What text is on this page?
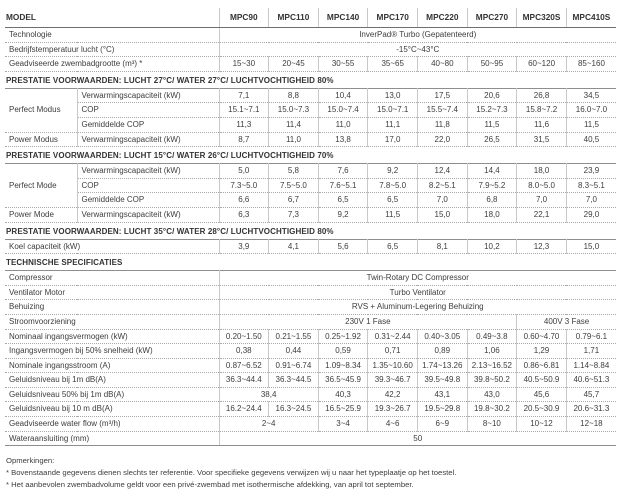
MODEL	MPC90	MPC110	MPC140	MPC170	MPC220	MPC270	MPC320S	MPC410S
Technologie	InverPad® Turbo (Gepatenteerd)							
Bedrijfstemperatuur lucht (°C)	-15°C~43°C							
Geadviseerde zwembadgrootte (m³) *	15~30	20~45	30~55	35~65	40~80	50~95	60~120	85~160
PRESTATIE VOORWAARDEN: LUCHT 27°C/ WATER 27°C/ LUCHTVOCHTIGHEID 80%
Perfect Modus	Verwarmingscapaciteit (kW)	7,1	8,8	10,4	13,0	17,5	20,6	26,8	34,5
	COP	15.1~7.1	15.0~7.3	15.0~7.4	15.0~7.1	15.5~7.4	15.2~7.3	15.8~7.2	16.0~7.0
	Gemiddelde COP	11,3	11,4	11,0	11,1	11,8	11,5	11,6	11,5
Power Modus	Verwarmingscapaciteit (kW)	8,7	11,0	13,8	17,0	22,0	26,5	31,5	40,5
PRESTATIE VOORWAARDEN: LUCHT 15°C/ WATER 26°C/ LUCHTVOCHTIGHEID 70%
Perfect Mode	Verwarmingscapaciteit (kW)	5,0	5,8	7,6	9,2	12,4	14,4	18,0	23,9
	COP	7.3~5.0	7.5~5.0	7.6~5.1	7.8~5.0	8.2~5.1	7.9~5.2	8.0~5.0	8.3~5.1
	Gemiddelde COP	6,6	6,7	6,5	6,5	7,0	6,8	7,0	7,0
Power Mode	Verwarmingscapaciteit (kW)	6,3	7,3	9,2	11,5	15,0	18,0	22,1	29,0
PRESTATIE VOORWAARDEN: LUCHT 35°C/ WATER 28°C/ LUCHTVOCHTIGHEID 80%
Koel capaciteit (kW)	3,9	4,1	5,6	6,5	8,1	10,2	12,3	15,0
TECHNISCHE SPECIFICATIES
Compressor	Twin-Rotary DC Compressor							
Ventilator Motor	Turbo Ventilator							
Behuizing	RVS + Aluminum-Legering Behuizing							
Stroomvoorziening	230V 1 Fase						400V 3 Fase	
Nominaal ingangsvermogen (kW)	0.20~1.50	0.21~1.55	0.25~1.92	0.31~2.44	0.40~3.05	0.49~3.8	0.60~4.70	0.79~6.1
Ingangsvermogen bij 50% snelheid (kW)	0,38	0,44	0,59	0,71	0,89	1,06	1,29	1,71
Nominale ingangsstroom (A)	0.87~6.52	0.91~6.74	1.09~8.34	1.35~10.60	1.74~13.26	2.13~16.52	0.86~6.81	1.14~8.84
Geluidsniveau bij 1m dB(A)	36.3~44.4	36.3~44.5	36.5~45.9	39.3~46.7	39.5~49.8	39.8~50.2	40.5~50.9	40.6~51.3
Geluidsniveau 50% bij 1m dB(A)	38,4		40,3	42,2	43,1	43,0	45,6	45,7
Geluidsniveau bij 10 m dB(A)	16.2~24.4	16.3~24.5	16.5~25.9	19.3~26.7	19.5~29.8	19.8~30.2	20.5~30.9	20.6~31.3
Geadviseerde water flow (m³/h)	2~4		3~4	4~6	6~9	8~10	10~12	12~18
Wateraansluiting (mm)	50							
Opmerkingen:
* Bovenstaande gegevens dienen slechts ter referentie. Voor specifieke gegevens verwijzen wij u naar het typeplaatje op het toestel.
* Het aanbevolen zwembadvolume geldt voor een privé-zwembad met isothermische afdekking, van april tot september.
